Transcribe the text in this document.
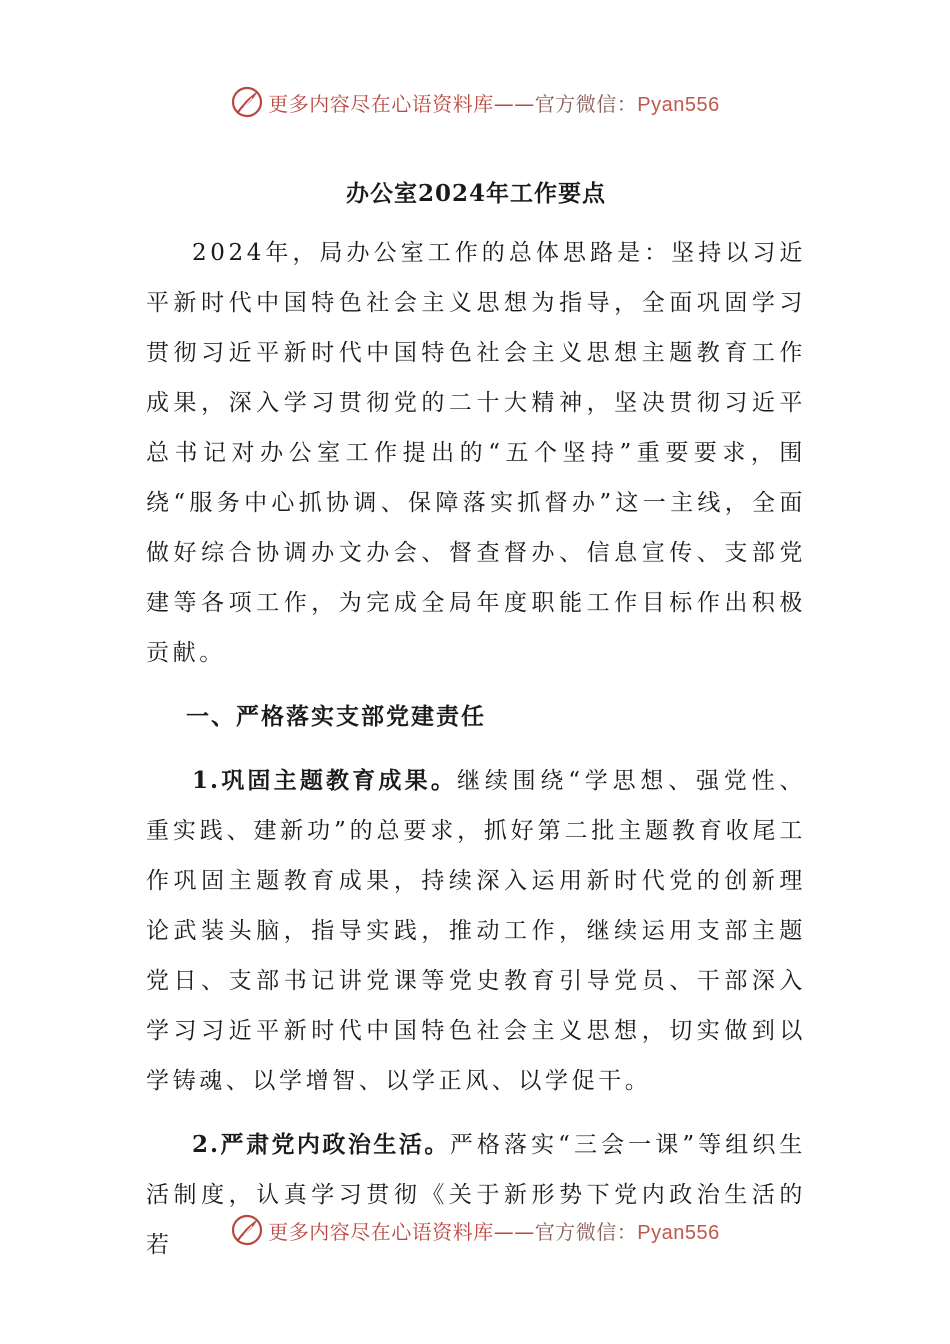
更多内容尽在心语资料库——官方微信：Pyan556
办公室2024年工作要点

2024年，局办公室工作的总体思路是：坚持以习近平新时代中国特色社会主义思想为指导，全面巩固学习贯彻习近平新时代中国特色社会主义思想主题教育工作成果，深入学习贯彻党的二十大精神，坚决贯彻习近平总书记对办公室工作提出的“五个坚持”重要要求，围绕“服务中心抓协调、保障落实抓督办”这一主线，全面做好综合协调办文办会、督查督办、信息宣传、支部党建等各项工作，为完成全局年度职能工作目标作出积极贡献。

一、严格落实支部党建责任

1.巩固主题教育成果。继续围绕“学思想、强党性、重实践、建新功”的总要求，抓好第二批主题教育收尾工作巩固主题教育成果，持续深入运用新时代党的创新理论武装头脑，指导实践，推动工作，继续运用支部主题党日、支部书记讲党课等党史教育引导党员、干部深入学习习近平新时代中国特色社会主义思想，切实做到以学铸魂、以学增智、以学正风、以学促干。

2.严肃党内政治生活。严格落实“三会一课”等组织生活制度，认真学习贯彻《关于新形势下党内政治生活的若

更多内容尽在心语资料库——官方微信：Pyan556
